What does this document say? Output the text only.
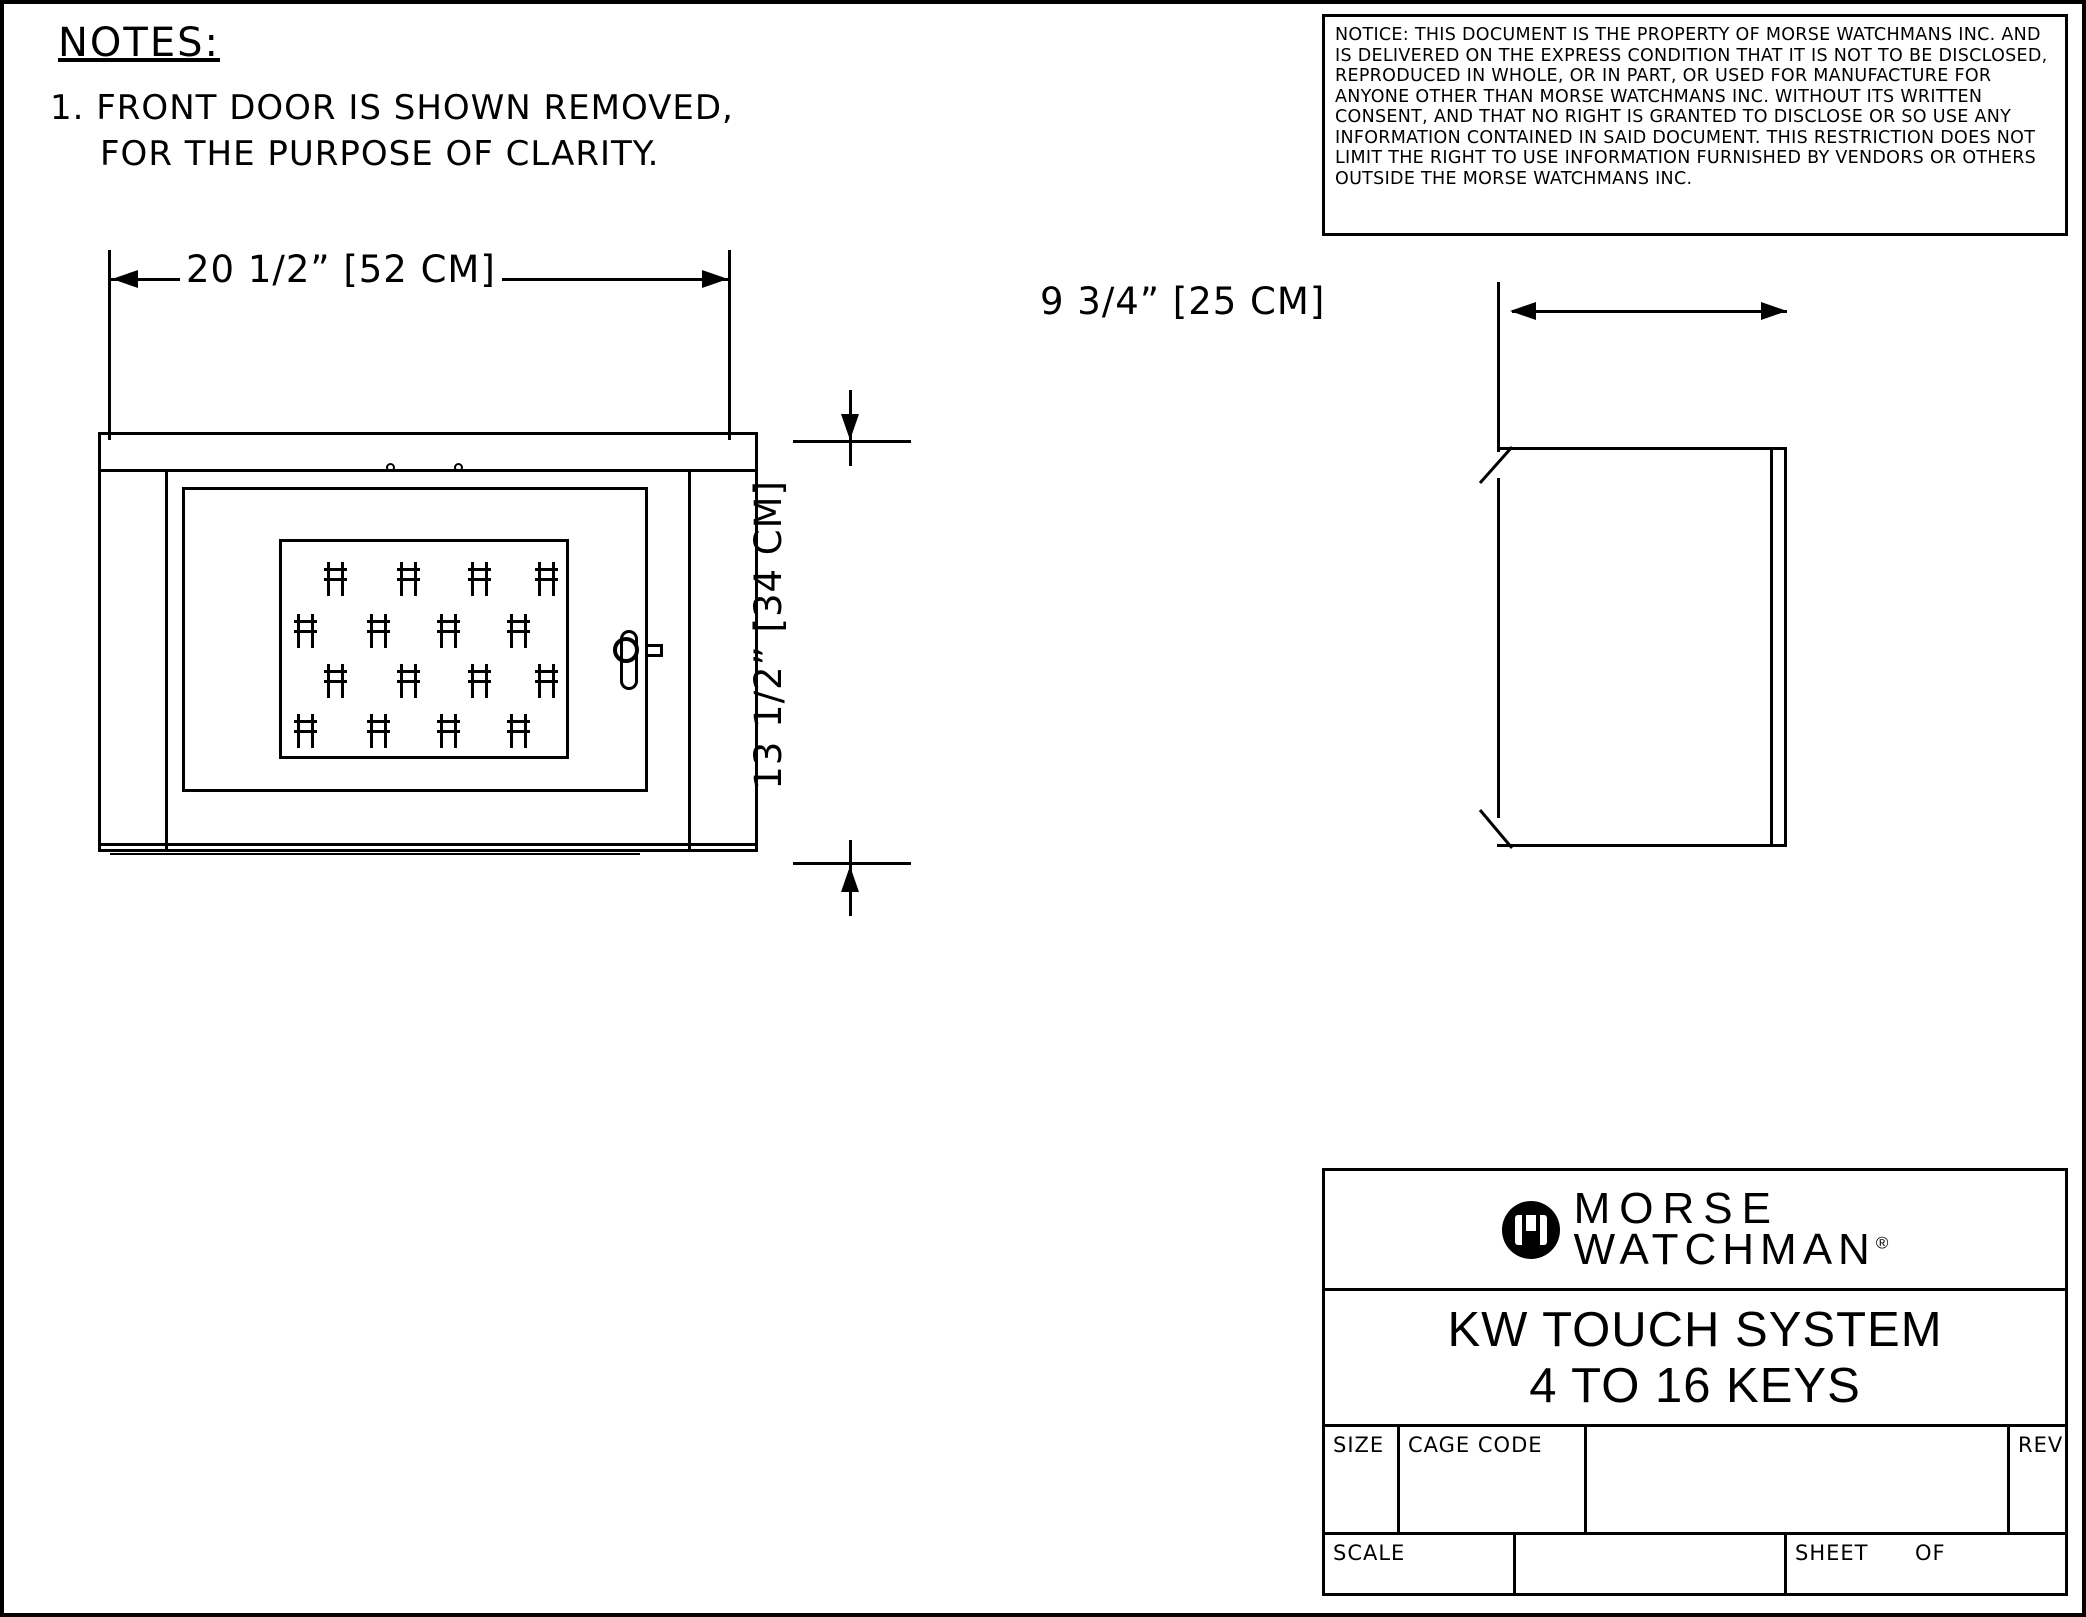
NOTES:
1. FRONT DOOR IS SHOWN REMOVED,
FOR THE PURPOSE OF CLARITY.
NOTICE: THIS DOCUMENT IS THE PROPERTY OF MORSE WATCHMANS INC. AND IS DELIVERED ON THE EXPRESS CONDITION THAT IT IS NOT TO BE DISCLOSED, REPRODUCED IN WHOLE, OR IN PART, OR USED FOR MANUFACTURE FOR ANYONE OTHER THAN MORSE WATCHMANS INC. WITHOUT ITS WRITTEN CONSENT, AND THAT NO RIGHT IS GRANTED TO DISCLOSE OR SO USE ANY INFORMATION CONTAINED IN SAID DOCUMENT. THIS RESTRICTION DOES NOT LIMIT THE RIGHT TO USE INFORMATION FURNISHED BY VENDORS OR OTHERS OUTSIDE THE MORSE WATCHMANS INC.
20 1/2” [52 CM]
13 1/2” [34 CM]
9 3/4” [25 CM]
MORSE
WATCHMAN®
KW TOUCH SYSTEM
4 TO 16 KEYS
SIZE	CAGE CODE	REV
SCALE	SHEET	OF
